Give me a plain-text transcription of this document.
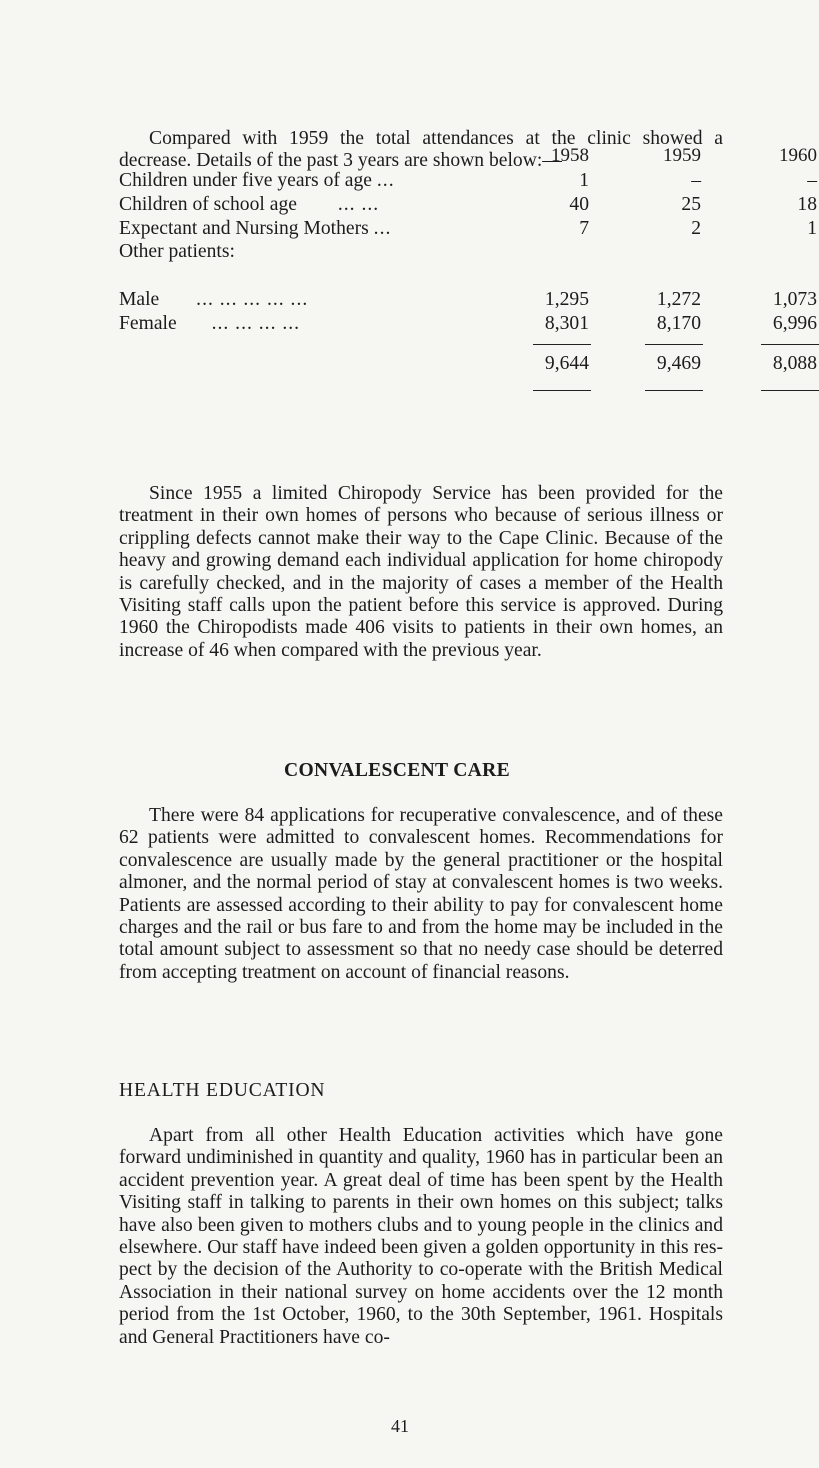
Compared with 1959 the total attendances at the clinic showed a decrease. Details of the past 3 years are shown below:—

1958	1959	1960
Children under five years of age ...	1	–	–
Children of school age ... ...	40	25	18
Expectant and Nursing Mothers ...	7	2	1
Other patients:
Male ... ... ... ... ...	1,295	1,272	1,073
Female ... ... ... ...	8,301	8,170	6,996
9,644	9,469	8,088

Since 1955 a limited Chiropody Service has been provided for the treatment in their own homes of persons who because of serious illness or crippling defects cannot make their way to the Cape Clinic. Because of the heavy and growing demand each individual application for home chiropody is carefully checked, and in the majority of cases a member of the Health Visiting staff calls upon the patient before this service is approved. During 1960 the Chiropodists made 406 visits to patients in their own homes, an increase of 46 when compared with the previous year.

CONVALESCENT CARE

There were 84 applications for recuperative convalescence, and of these 62 patients were admitted to convalescent homes. Recommendations for convalescence are usually made by the general practitioner or the hospital almoner, and the normal period of stay at convalescent homes is two weeks. Patients are assessed according to their ability to pay for convalescent home charges and the rail or bus fare to and from the home may be included in the total amount subject to assessment so that no needy case should be deterred from accepting treatment on account of financial reasons.

HEALTH EDUCATION

Apart from all other Health Education activities which have gone forward undiminished in quantity and quality, 1960 has in particular been an accident prevention year. A great deal of time has been spent by the Health Visiting staff in talking to parents in their own homes on this subject; talks have also been given to mothers clubs and to young people in the clinics and elsewhere. Our staff have indeed been given a golden opportunity in this res- pect by the decision of the Authority to co-operate with the British Medical Association in their national survey on home accidents over the 12 month period from the 1st October, 1960, to the 30th September, 1961. Hospitals and General Practitioners have co-

41
